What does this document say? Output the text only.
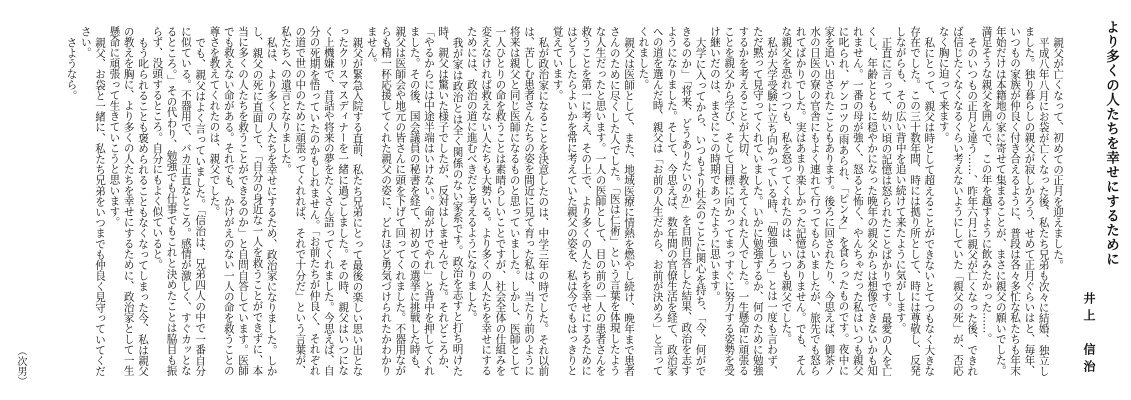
より多くの人たちを幸せにするために
井上　信治

親父が亡くなって、初めての正月を迎えました。

平成八年八月にお袋が亡くなった後、私たち兄弟も次々に結婚、独立しました。独り暮らしの親父が寂しかろう、せめて正月ぐらいはと、毎年、いつもの家族が仲良く付き合えるように、普段は各々多忙な私たちも年末年始だけは本籍地の家に寄せて集まることが、まさに親父の願いでした。満足そうな親父を囲んで、この年を越すように飲みたかった……。

そのいつもの正月と違う……、昨年六月に親父が亡くなった後、できれば信じたくなくなるくらい考えないようにしていた「親父の死」が、否応なく胸に迫って来ます。

私にとって、親父は時として超えることができないとてつもなく大きな存在でした。この三十数年間、時には拠り所として、時には尊敬し、反発しながらも、その広い背中を追い続けて来たように気がします。

正直に言って、幼い頃の記憶は怒られたことばかりです。最愛の人を亡くし、年齢とともに穏やかになった晩年の親父からは想像できないかも知れません。一番の母が強く、怒ると怖く、やんちゃだった私はいつも親父に叱られ、ゲンコツの雨あられ、「ピンタ」を食らったものです。夜中に家を追い出されたこともあります。後ろに回されたり、今思えば、御茶ノ水の日医の寮の官舎にもよく連れて行ってもらいましたが、旅先でも怒られてばかりでした。実はあまり楽しかった記憶はありません。でも、そんな親父を恐れつつも、私を怒ってくれたのは、いつも親父でした。

私が大学受験に立ち向かっている時、「勉強しろ」とは一度も言わず、ただ黙って見守ってくれていました。いかに勉強するか、何のために勉強するかを考えることが大切、と教えてくれた人でした。一生懸命に頑張ることを親父から学び、そして目標に向かってまっすぐに努力する姿勢を受け継いだのは、まさにこの時期であったように思います。

大学に入ってから、いつもより社会のことに関心を持ち、「今、何ができるのか」「将来、どうありたいのか」を自問自答した結果、政治を志すようになりました。そして、今思えば、数年間の官僚生活を経て、政治家への道を選んだ時、親父は「お前の人生だから、お前が決めろ」と言ってくれました。

親父は医師として、また、地域医療に情熱を燃やし続け、晩年まで患者さんのために尽くした人でした。「医は仁術」という言葉を体現したような人生だったと思います。一人の医師として、目の前の一人の患者さんを救うことを第一に考え、その上で、より多くの人たちを幸せにするためにはどうしたらよいかを常に考えていた親父の姿を、私は今でもはっきりと覚えています。

私が政治家になることを決意したのは、中学三年の時でした。それ以前は、苦しむ患者さんたちの姿を間近に見て育った私は、当たり前のように将来は親父と同じ医師になるものと思っていました。しかし、医師として一人ひとりの命を救うことは素晴らしいことですが、社会全体の仕組みを変えなければ救えない人たちも大勢いる。より多くの人たちを幸せにするためには、政治の道に進むべきだと考えるようになりました。

我が家は政治とは全く関係のない家系です。政治を志すと打ち明けた時、親父は驚いた様子でしたが、反対はしませんでした。それどころか、「やるからには中途半端はいけない。命がけでやれ」と背中を押してくれました。その後、国会議員の秘書を経て、初めての選挙に挑戦した時も、親父は医師会や地元の皆さんに頭を下げて回ってくれました。不器用ながらも精一杯応援してくれた親父の姿に、どれほど勇気づけられたかわかりません。

親父が緊急入院する直前、私たち兄弟にとって最後の楽しい思い出となったクリスマスディナーを一緒に過ごしました。その時、親父はいつになく上機嫌で、昔話や将来の夢をたくさん語ってくれました。今思えば、自分の死期を悟っていたのかもしれません。「お前たちが仲良く、それぞれの道で世の中のために頑張ってくれれば、それで十分だ」という言葉が、私たちへの遺言となりました。

私は、より多くの人たちを幸せにするため、政治家になりました。しかし、親父の死に直面して、「自分の身近な一人を救うことができずに、本当に多くの人たちを救うことができるのか」と自問自答しています。医師でも救えない命がある。それでも、かけがえのない一人の命を救うことの尊さを教えてくれたのは、親父でした。

でも、親父はよく言っていました。「信治は、兄弟四人の中で一番自分に似ている。不器用で、バカ正直なところ。感情が激しく、すぐカッとなるところ。」その代わり、勉強でも仕事でもこれと決めたことは脇目も振らず、没頭するところ。自分にもよく似ていると。

もう叱られることも褒められることもなくなってしまった今、私は親父の教えを胸に、より多くの人たちを幸せにするために、政治家として一生懸命に頑張って生きていこうと思います。

親父、お袋と一緒に、私たち兄弟をいつまでも仲良く見守っていてください。

さようなら。

（次男）
